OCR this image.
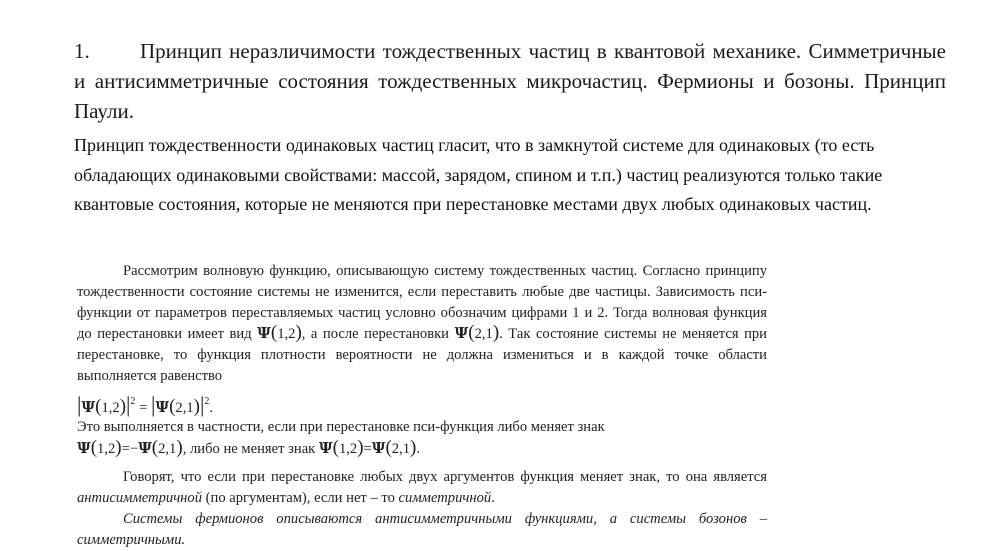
1. Принцип неразличимости тождественных частиц в квантовой механике. Симметричные и антисимметричные состояния тождественных микрочастиц. Фермионы и бозоны. Принцип Паули.
Принцип тождественности одинаковых частиц гласит, что в замкнутой системе для одинаковых (то есть обладающих одинаковыми свойствами: массой, зарядом, спином и т.п.) частиц реализуются только такие квантовые состояния, которые не меняются при перестановке местами двух любых одинаковых частиц.

Рассмотрим волновую функцию, описывающую систему тождественных частиц. Согласно принципу тождественности состояние системы не изменится, если переставить любые две частицы. Зависимость пси-функции от параметров переставляемых частиц условно обозначим цифрами 1 и 2. Тогда волновая функция до перестановки имеет вид Ψ(1,2), а после перестановки Ψ(2,1). Так состояние системы не меняется при перестановке, то функция плотности вероятности не должна измениться и в каждой точке области выполняется равенство

$|\Psi(1,2)|^2 = |\Psi(2,1)|^2$.

Это выполняется в частности, если при перестановке пси-функция либо меняет знак
Ψ(1,2)=−Ψ(2,1), либо не меняет знак Ψ(1,2)=Ψ(2,1).

Говорят, что если при перестановке любых двух аргументов функция меняет знак, то она является антисимметричной (по аргументам), если нет – то симметричной.

Системы фермионов описываются антисимметричными функциями, а системы бозонов – симметричными.
